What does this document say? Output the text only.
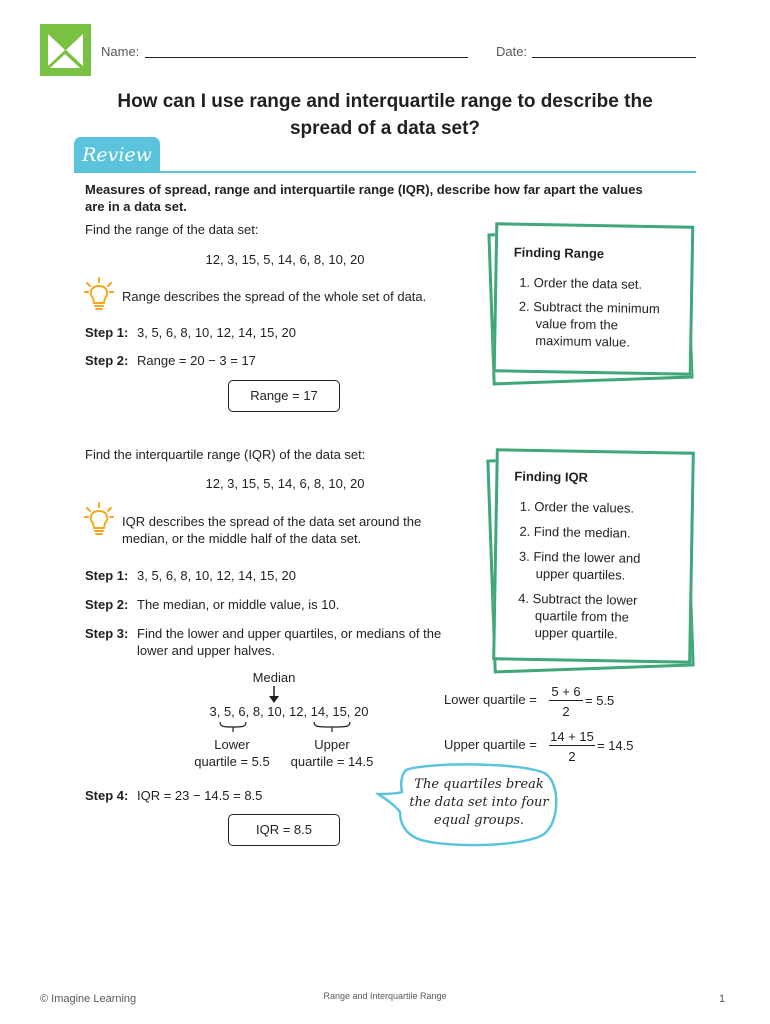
Name:	Date:
How can I use range and interquartile range to describe the
spread of a data set?
Review
Measures of spread, range and interquartile range (IQR), describe how far apart the values
are in a data set.
Find the range of the data set:
12, 3, 15, 5, 14, 6, 8, 10, 20
Range describes the spread of the whole set of data.
Step 1: 3, 5, 6, 8, 10, 12, 14, 15, 20
Step 2: Range = 20 − 3 = 17
Range = 17
Finding Range
1. Order the data set.
2. Subtract the minimum
value from the
maximum value.
Find the interquartile range (IQR) of the data set:
12, 3, 15, 5, 14, 6, 8, 10, 20
IQR describes the spread of the data set around the
median, or the middle half of the data set.
Step 1: 3, 5, 6, 8, 10, 12, 14, 15, 20
Step 2: The median, or middle value, is 10.
Step 3: Find the lower and upper quartiles, or medians of the
lower and upper halves.
Median
3, 5, 6, 8, 10, 12, 14, 15, 20
Lower
quartile = 5.5
Upper
quartile = 14.5
Step 4: IQR = 23 − 14.5 = 8.5
IQR = 8.5
Finding IQR
1. Order the values.
2. Find the median.
3. Find the lower and
upper quartiles.
4. Subtract the lower
quartile from the
upper quartile.
Lower quartile =
5 + 6
2
= 5.5
Upper quartile =
14 + 15
2
= 14.5
The quartiles break
the data set into four
equal groups.
© Imagine Learning	Range and Interquartile Range	1
